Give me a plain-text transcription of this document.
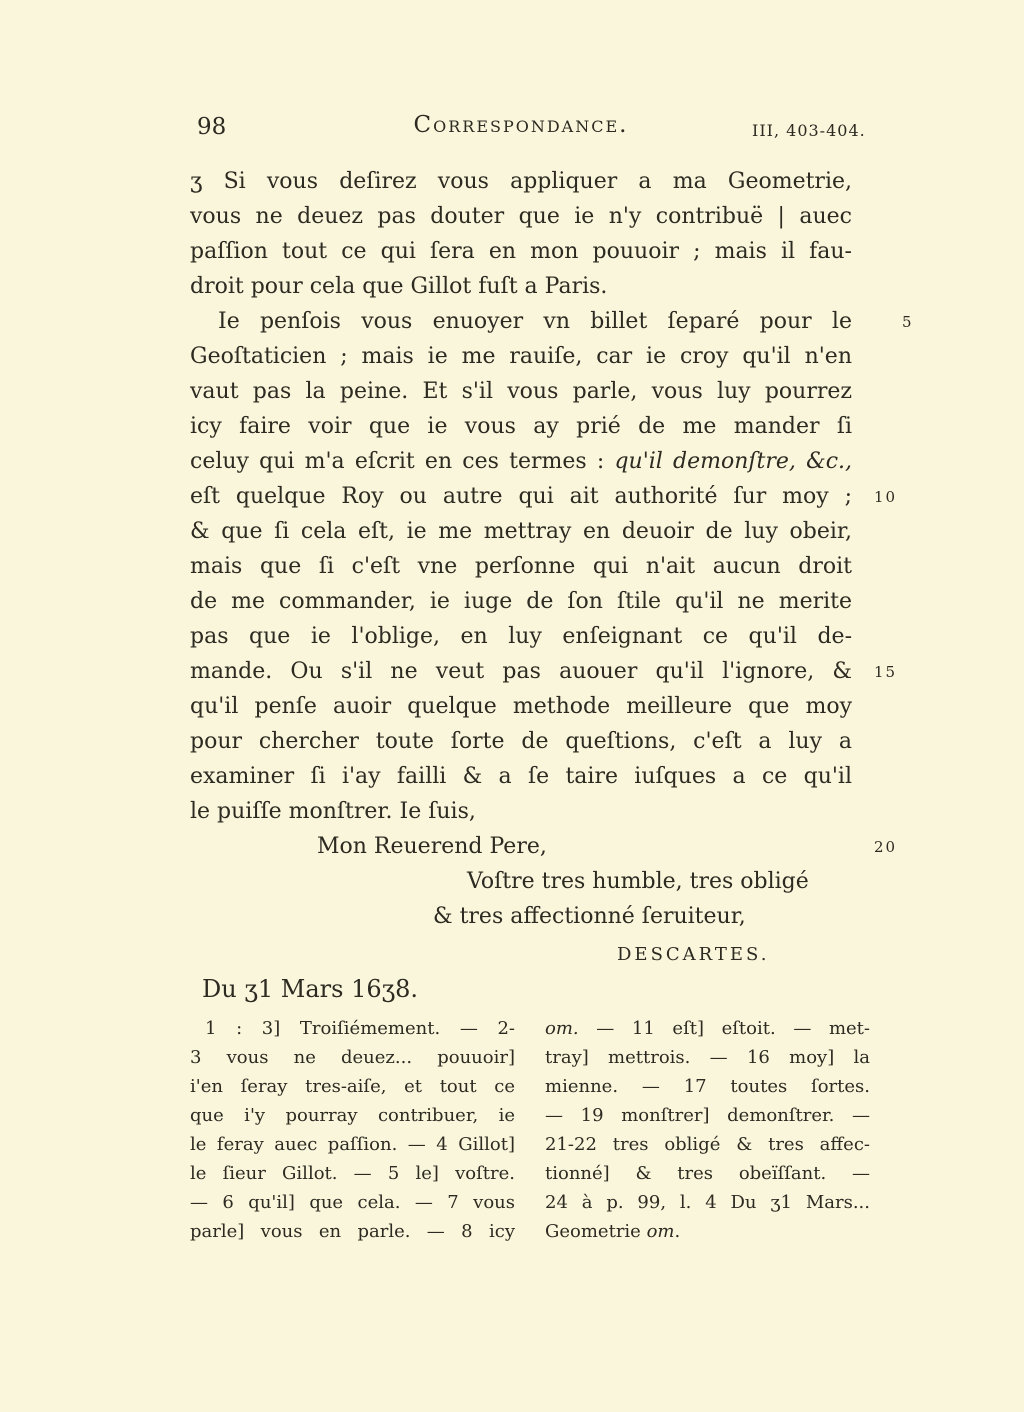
98	Correspondance.	III, 403-404.
ʒ Si vous deſirez vous appliquer a ma Geometrie,
vous ne deuez pas douter que ie n'y contribuë | auec
paſſion tout ce qui ſera en mon pouuoir ; mais il fau-
droit pour cela que Gillot fuſt a Paris.
Ie penſois vous enuoyer vn billet ſeparé pour le	5
Geoſtaticien ; mais ie me rauiſe, car ie croy qu'il n'en
vaut pas la peine. Et s'il vous parle, vous luy pourrez
icy faire voir que ie vous ay prié de me mander ſi
celuy qui m'a eſcrit en ces termes : qu'il demonſtre, &c.,
eſt quelque Roy ou autre qui ait authorité ſur moy ; 10
& que ſi cela eſt, ie me mettray en deuoir de luy obeir,
mais que ſi c'eſt vne perſonne qui n'ait aucun droit
de me commander, ie iuge de ſon ſtile qu'il ne merite
pas que ie l'oblige, en luy enſeignant ce qu'il de-
mande. Ou s'il ne veut pas auouer qu'il l'ignore, & 15
qu'il penſe auoir quelque methode meilleure que moy
pour chercher toute ſorte de queſtions, c'eſt a luy a
examiner ſi i'ay failli & a ſe taire iuſques a ce qu'il
le puiſſe monſtrer. Ie ſuis,
Mon Reuerend Pere,	20
Voſtre tres humble, tres obligé
& tres affectionné ſeruiteur,
DESCARTES.
Du ʒ1 Mars 16ʒ8.
1 : 3] Troiſiémement. — 2-
3 vous ne deuez... pouuoir]
i'en ſeray tres-aiſe, et tout ce
que i'y pourray contribuer, ie
le feray auec paſſion. — 4 Gillot]
le ſieur Gillot. — 5 le] voſtre.
— 6 qu'il] que cela. — 7 vous
parle] vous en parle. — 8 icy
om. — 11 eſt] eſtoit. — met-
tray] mettrois. — 16 moy] la
mienne. — 17 toutes ſortes.
— 19 monſtrer] demonſtrer. —
21-22 tres obligé & tres affec-
tionné] & tres obeïſſant. —
24 à p. 99, l. 4 Du ʒ1 Mars...
Geometrie om.
